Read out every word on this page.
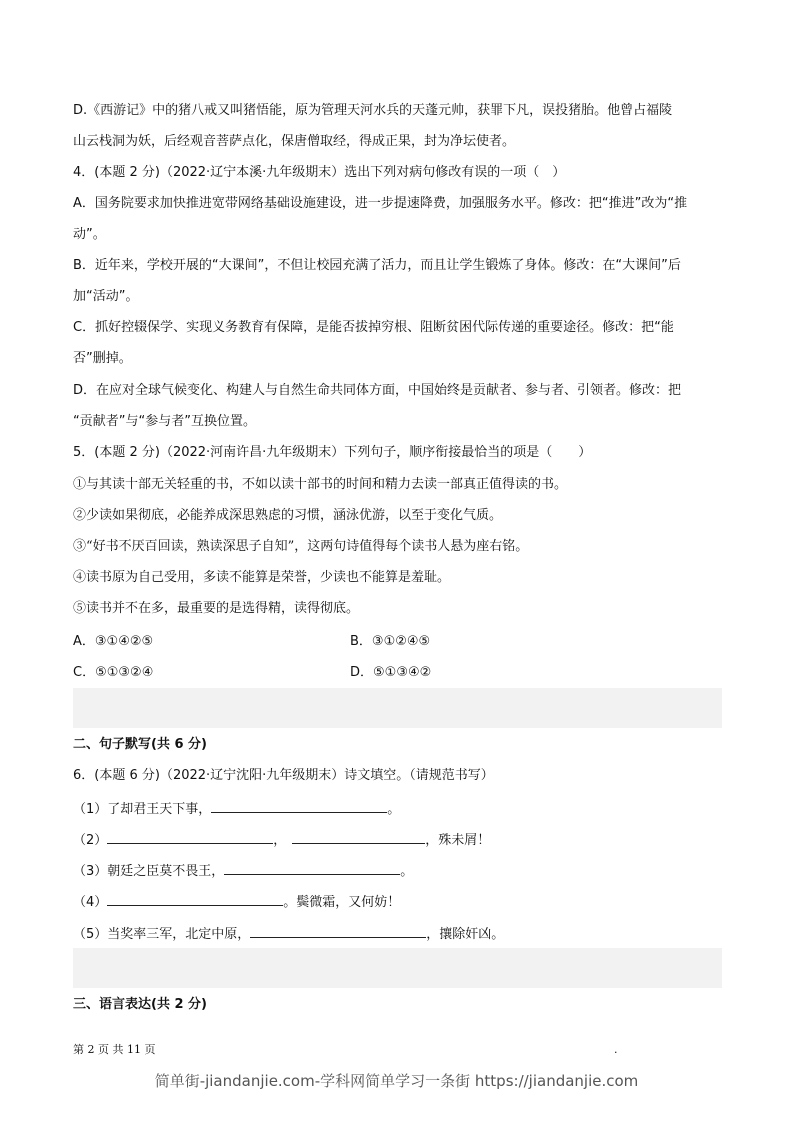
D.《西游记》中的猪八戒又叫猪悟能，原为管理天河水兵的天蓬元帅，获罪下凡，误投猪胎。他曾占福陵
山云栈洞为妖，后经观音菩萨点化，保唐僧取经，得成正果，封为净坛使者。
4．(本题 2 分)（2022·辽宁本溪·九年级期末）选出下列对病句修改有误的一项（　）
A．国务院要求加快推进宽带网络基础设施建设，进一步提速降费，加强服务水平。修改：把“推进”改为“推
动”。
B．近年来，学校开展的“大课间”，不但让校园充满了活力，而且让学生锻炼了身体。修改：在“大课间”后
加“活动”。
C．抓好控辍保学、实现义务教育有保障，是能否拔掉穷根、阻断贫困代际传递的重要途径。修改：把“能
否”删掉。
D．在应对全球气候变化、构建人与自然生命共同体方面，中国始终是贡献者、参与者、引领者。修改：把
“贡献者”与“参与者”互换位置。
5．(本题 2 分)（2022·河南许昌·九年级期末）下列句子，顺序衔接最恰当的项是（　　）
①与其读十部无关轻重的书，不如以读十部书的时间和精力去读一部真正值得读的书。
②少读如果彻底，必能养成深思熟虑的习惯，涵泳优游，以至于变化气质。
③“好书不厌百回读，熟读深思子自知”，这两句诗值得每个读书人悬为座右铭。
④读书原为自己受用，多读不能算是荣誉，少读也不能算是羞耻。
⑤读书并不在多，最重要的是选得精，读得彻底。
A．③①④②⑤	B．③①②④⑤
C．⑤①③②④	D．⑤①③④②
二、句子默写(共 6 分)
6．(本题 6 分)（2022·辽宁沈阳·九年级期末）诗文填空。（请规范书写）
（1）了却君王天下事，	。
（2）	，	，殊未屑！
（3）朝廷之臣莫不畏王，	。
（4）	。鬓微霜，又何妨！
（5）当奖率三军，北定中原，	，攘除奸凶。
三、语言表达(共 2 分)
第 2 页 共 11 页	.
简单街-jiandanjie.com-学科网简单学习一条街 https://jiandanjie.com
